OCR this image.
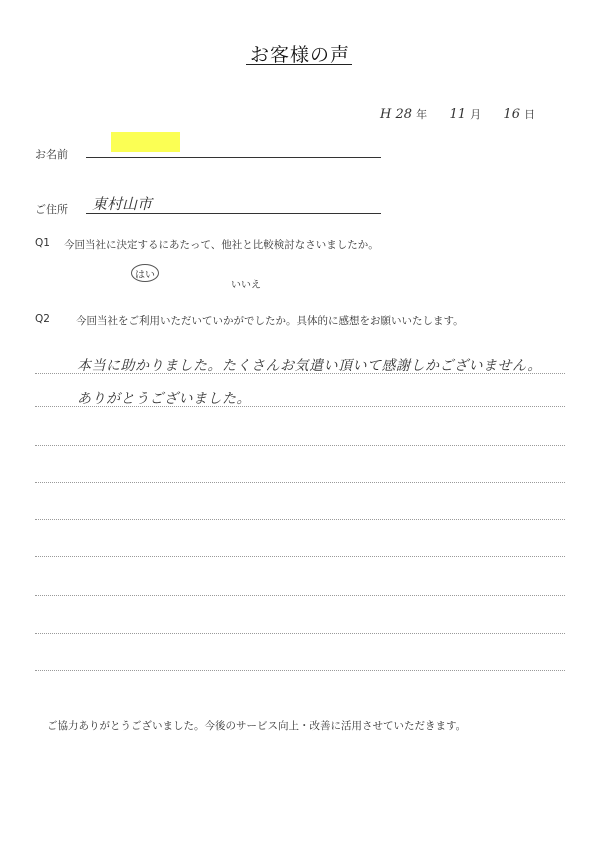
お客様の声
H 28 年 11 月 16 日
お名前
ご住所 東村山市
Q1 今回当社に決定するにあたって、他社と比較検討なさいましたか。
はい
いいえ
Q2 今回当社をご利用いただいていかがでしたか。具体的に感想をお願いいたします。
本当に助かりました。たくさんお気遣い頂いて感謝しかございません。
ありがとうございました。
ご協力ありがとうございました。今後のサービス向上・改善に活用させていただきます。
